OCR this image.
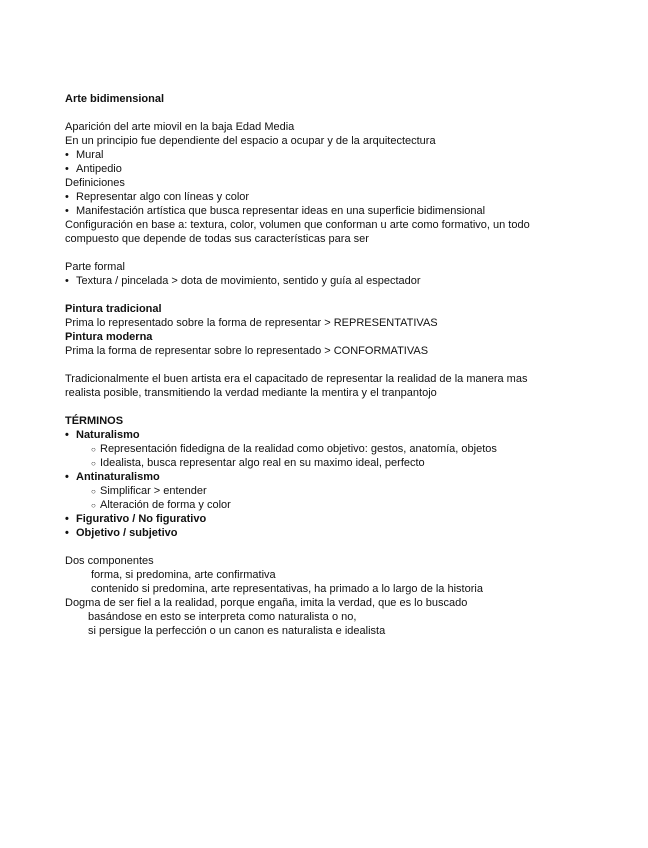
Arte bidimensional
Aparición del arte miovil en la baja Edad Media
En un principio fue dependiente del espacio a ocupar y de la arquitectectura
• Mural
• Antipedio
Definiciones
• Representar algo con líneas y color
• Manifestación artística que busca representar ideas en una superficie bidimensional
Configuración en base a: textura, color, volumen que conforman u arte como formativo, un todo
compuesto que depende de todas sus características para ser
Parte formal
• Textura / pincelada > dota de movimiento, sentido y guía al espectador
Pintura tradicional
Prima lo representado sobre la forma de representar > REPRESENTATIVAS
Pintura moderna
Prima la forma de representar sobre lo representado > CONFORMATIVAS
Tradicionalmente el buen artista era el capacitado de representar la realidad de la manera mas
realista posible, transmitiendo la verdad mediante la mentira y el tranpantojo
TÉRMINOS
• Naturalismo
○ Representación fidedigna de la realidad como objetivo: gestos, anatomía, objetos
○ Idealista, busca representar algo real en su maximo ideal, perfecto
• Antinaturalismo
○ Simplificar > entender
○ Alteración de forma y color
• Figurativo / No figurativo
• Objetivo / subjetivo
Dos componentes
forma, si predomina, arte confirmativa
contenido si predomina, arte representativas, ha primado a lo largo de la historia
Dogma de ser fiel a la realidad, porque engaña, imita la verdad, que es lo buscado
basándose en esto se interpreta como naturalista o no,
si persigue la perfección o un canon es naturalista e idealista
